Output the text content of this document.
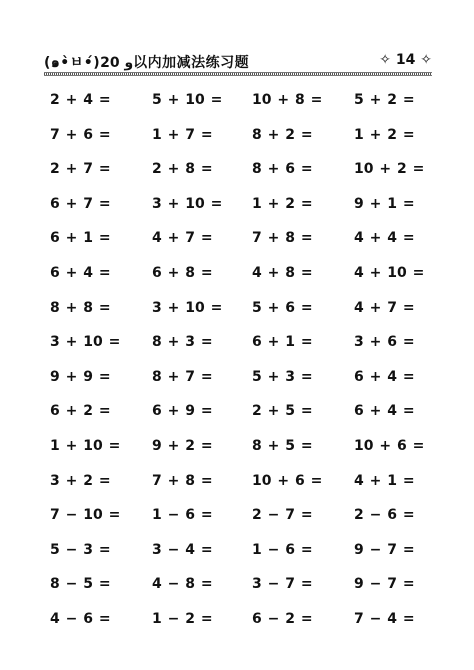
(๑•̀ㅂ•́)و 20以内加减法练习题	✧ 14 ✧
2 + 4 =	5 + 10 = 10 + 8 = 5 + 2 =
7 + 6 =	1 + 7 =	8 + 2 =	1 + 2 =
2 + 7 =	2 + 8 =	8 + 6 =	10 + 2 =
6 + 7 =	3 + 10 = 1 + 2 =	9 + 1 =
6 + 1 =	4 + 7 =	7 + 8 =	4 + 4 =
6 + 4 =	6 + 8 =	4 + 8 =	4 + 10 =
8 + 8 =	3 + 10 = 5 + 6 =	4 + 7 =
3 + 10 = 8 + 3 =	6 + 1 =	3 + 6 =
9 + 9 =	8 + 7 =	5 + 3 =	6 + 4 =
6 + 2 =	6 + 9 =	2 + 5 =	6 + 4 =
1 + 10 = 9 + 2 =	8 + 5 =	10 + 6 =
3 + 2 =	7 + 8 =	10 + 6 = 4 + 1 =
7 − 10 = 1 − 6 =	2 − 7 =	2 − 6 =
5 − 3 =	3 − 4 =	1 − 6 =	9 − 7 =
8 − 5 =	4 − 8 =	3 − 7 =	9 − 7 =
4 − 6 =	1 − 2 =	6 − 2 =	7 − 4 =
